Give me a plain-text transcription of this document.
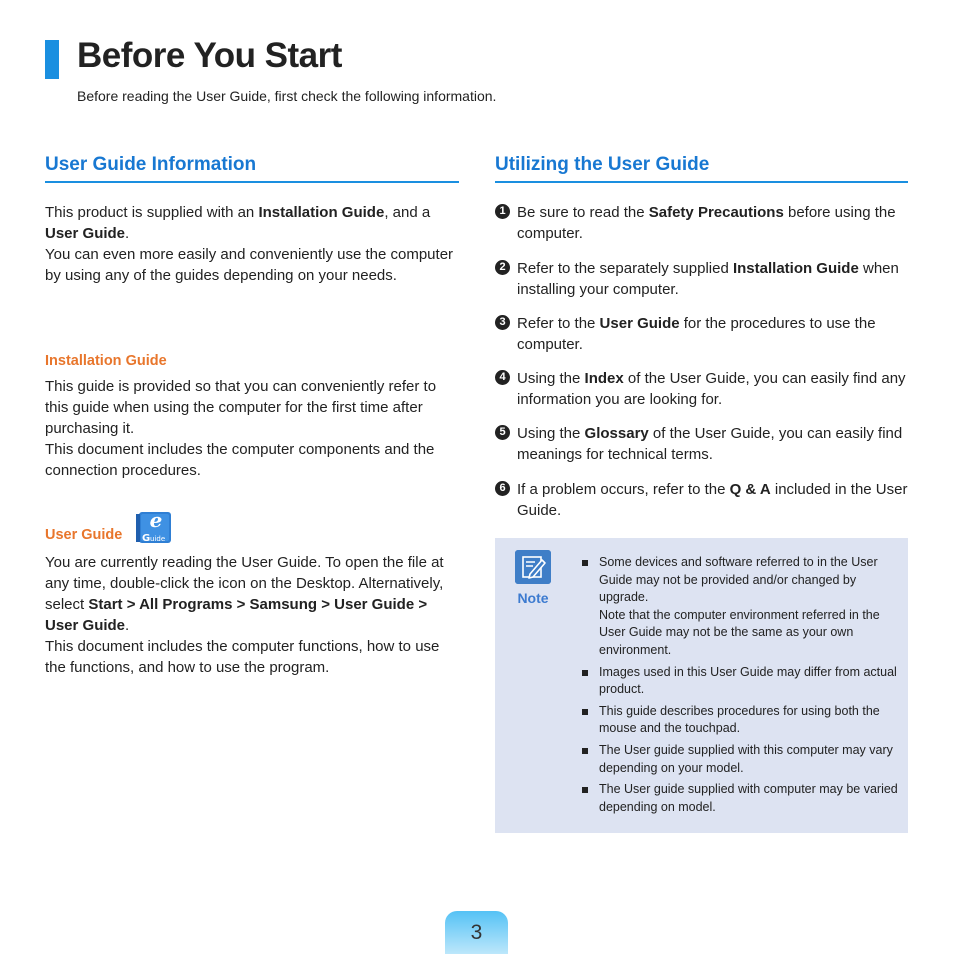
Before You Start
Before reading the User Guide, first check the following information.
User Guide Information

This product is supplied with an Installation Guide, and a User Guide.

You can even more easily and conveniently use the computer by using any of the guides depending on your needs.

Installation Guide

This guide is provided so that you can conveniently refer to this guide when using the computer for the first time after purchasing it.

This document includes the computer components and the connection procedures.

User Guide

e
G uide

You are currently reading the User Guide. To open the file at any time, double-click the icon on the Desktop. Alternatively, select Start > All Programs > Samsung > User Guide > User Guide.

This document includes the computer functions, how to use the functions, and how to use the program.

Utilizing the User Guide
1 Be sure to read the Safety Precautions before using the computer.
2 Refer to the separately supplied Installation Guide when installing your computer.
3 Refer to the User Guide for the procedures to use the computer.
4 Using the Index of the User Guide, you can easily find any information you are looking for.
5 Using the Glossary of the User Guide, you can easily find meanings for technical terms.
6 If a problem occurs, refer to the Q & A included in the User Guide.
Note
Some devices and software referred to in the User Guide may not be provided and/or changed by upgrade.
Note that the computer environment referred in the User Guide may not be the same as your own environment.
Images used in this User Guide may differ from actual product.
This guide describes procedures for using both the mouse and the touchpad.
The User guide supplied with this computer may vary depending on your model.
The User guide supplied with computer may be varied depending on model.
3
